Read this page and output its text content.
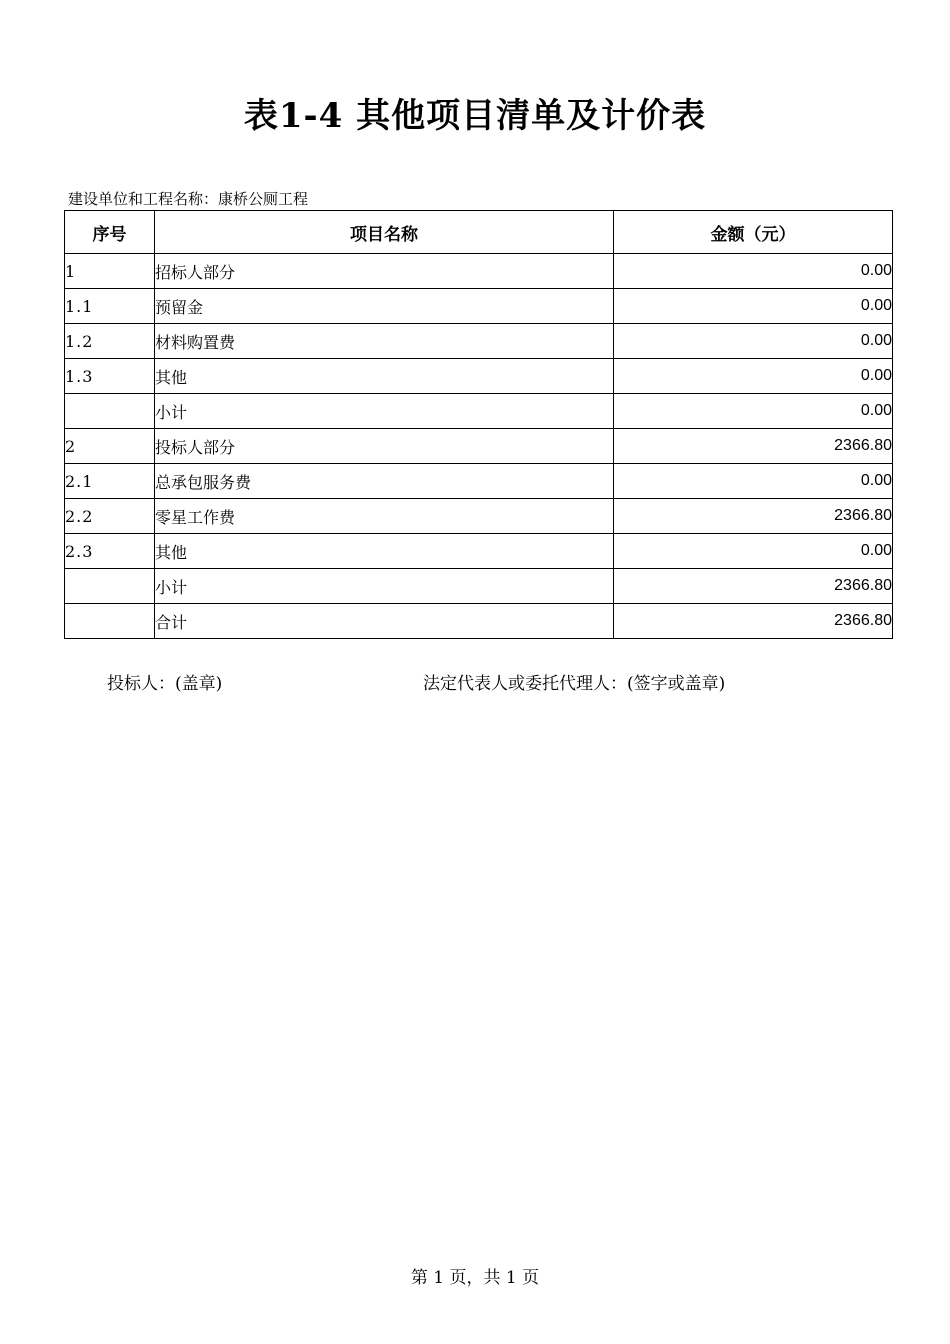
表1-4 其他项目清单及计价表
建设单位和工程名称：康桥公厕工程
序号	项目名称	金额（元）
1	招标人部分	0.00
1.1	预留金	0.00
1.2	材料购置费	0.00
1.3	其他	0.00
	小计	0.00
2	投标人部分	2366.80
2.1	总承包服务费	0.00
2.2	零星工作费	2366.80
2.3	其他	0.00
	小计	2366.80
	合计	2366.80
投标人：(盖章)	法定代表人或委托代理人：(签字或盖章)
第 1 页，共 1 页
